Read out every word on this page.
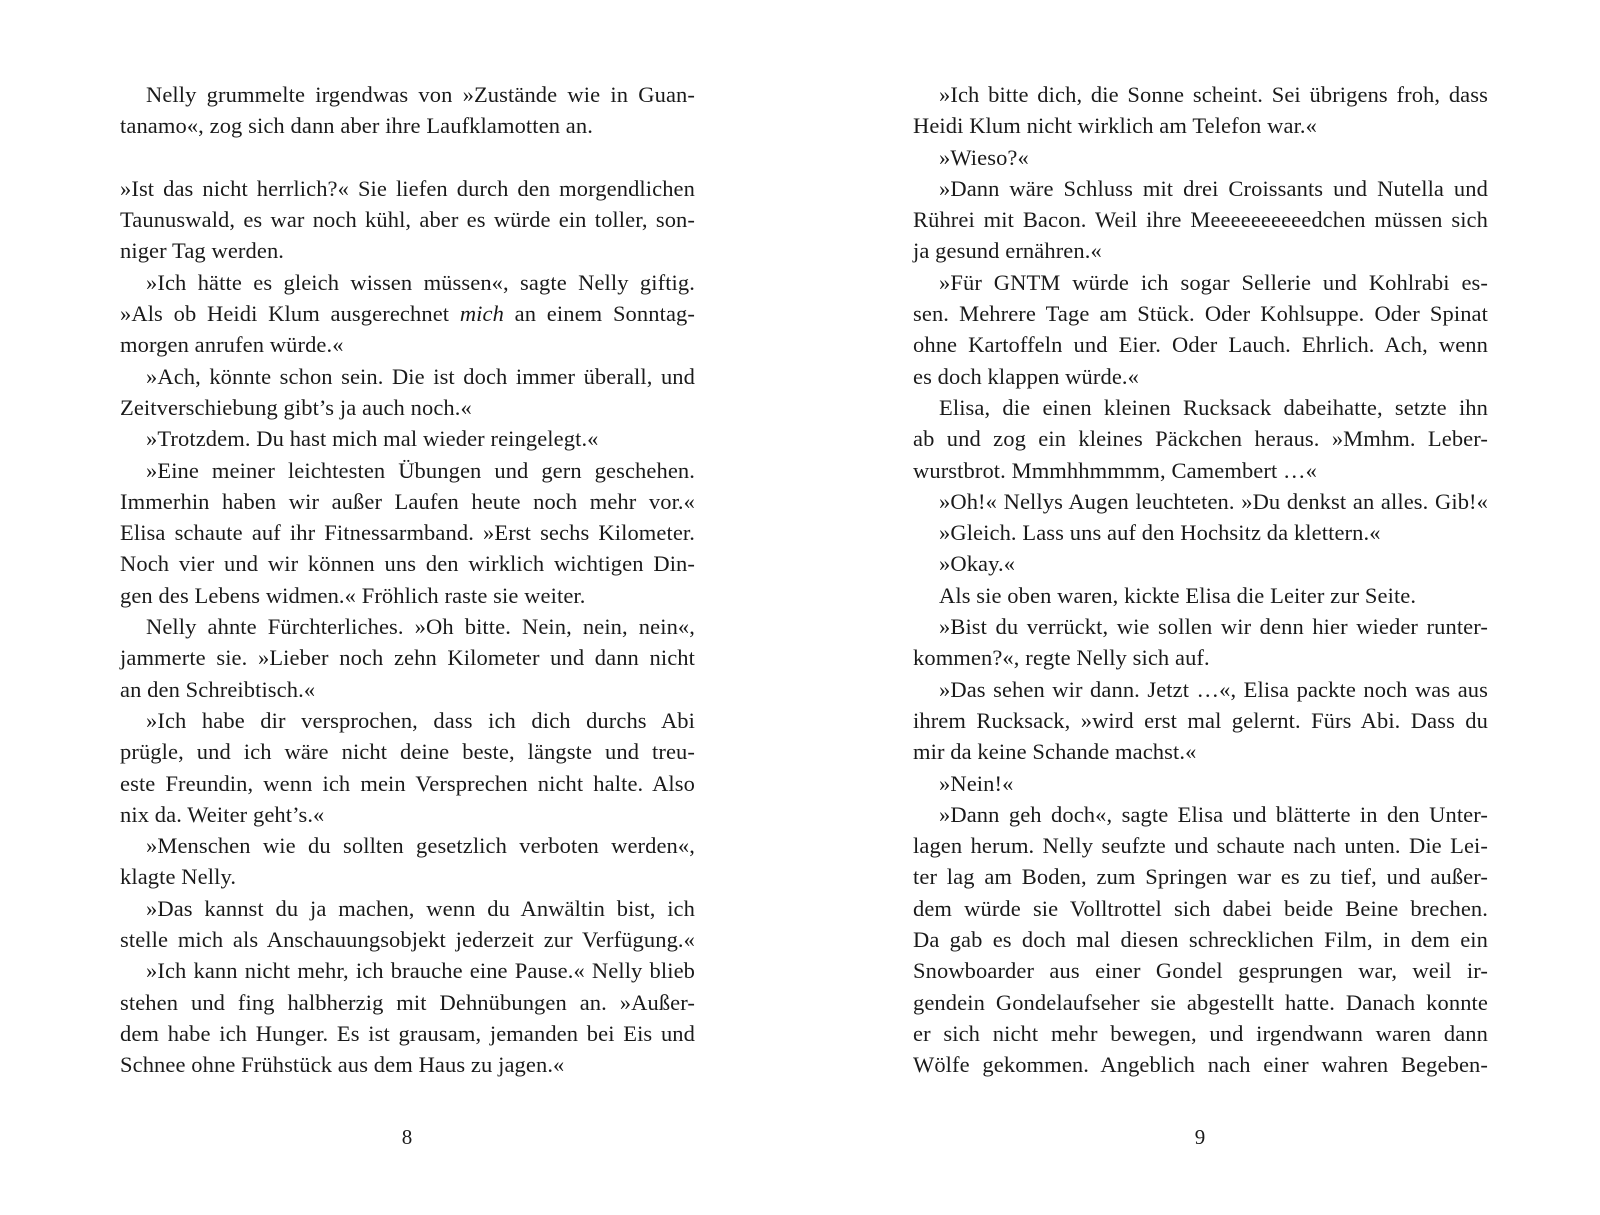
Nelly grummelte irgendwas von »Zustände wie in Guan-
tanamo«, zog sich dann aber ihre Laufklamotten an.
»Ist das nicht herrlich?« Sie liefen durch den morgendlichen
Taunuswald, es war noch kühl, aber es würde ein toller, son-
niger Tag werden.
»Ich hätte es gleich wissen müssen«, sagte Nelly giftig.
»Als ob Heidi Klum ausgerechnet mich an einem Sonntag-
morgen anrufen würde.«
»Ach, könnte schon sein. Die ist doch immer überall, und
Zeitverschiebung gibt’s ja auch noch.«
»Trotzdem. Du hast mich mal wieder reingelegt.«
»Eine meiner leichtesten Übungen und gern geschehen.
Immerhin haben wir außer Laufen heute noch mehr vor.«
Elisa schaute auf ihr Fitnessarmband. »Erst sechs Kilometer.
Noch vier und wir können uns den wirklich wichtigen Din-
gen des Lebens widmen.« Fröhlich raste sie weiter.
Nelly ahnte Fürchterliches. »Oh bitte. Nein, nein, nein«,
jammerte sie. »Lieber noch zehn Kilometer und dann nicht
an den Schreibtisch.«
»Ich habe dir versprochen, dass ich dich durchs Abi
prügle, und ich wäre nicht deine beste, längste und treu-
este Freundin, wenn ich mein Versprechen nicht halte. Also
nix da. Weiter geht’s.«
»Menschen wie du sollten gesetzlich verboten werden«,
klagte Nelly.
»Das kannst du ja machen, wenn du Anwältin bist, ich
stelle mich als Anschauungsobjekt jederzeit zur Verfügung.«
»Ich kann nicht mehr, ich brauche eine Pause.« Nelly blieb
stehen und fing halbherzig mit Dehnübungen an. »Außer-
dem habe ich Hunger. Es ist grausam, jemanden bei Eis und
Schnee ohne Frühstück aus dem Haus zu jagen.«
8
»Ich bitte dich, die Sonne scheint. Sei übrigens froh, dass
Heidi Klum nicht wirklich am Telefon war.«
»Wieso?«
»Dann wäre Schluss mit drei Croissants und Nutella und
Rührei mit Bacon. Weil ihre Meeeeeeeeeedchen müssen sich
ja gesund ernähren.«
»Für GNTM würde ich sogar Sellerie und Kohlrabi es-
sen. Mehrere Tage am Stück. Oder Kohlsuppe. Oder Spinat
ohne Kartoffeln und Eier. Oder Lauch. Ehrlich. Ach, wenn
es doch klappen würde.«
Elisa, die einen kleinen Rucksack dabeihatte, setzte ihn
ab und zog ein kleines Päckchen heraus. »Mmhm. Leber-
wurstbrot. Mmmhhmmmm, Camembert …«
»Oh!« Nellys Augen leuchteten. »Du denkst an alles. Gib!«
»Gleich. Lass uns auf den Hochsitz da klettern.«
»Okay.«
Als sie oben waren, kickte Elisa die Leiter zur Seite.
»Bist du verrückt, wie sollen wir denn hier wieder runter-
kommen?«, regte Nelly sich auf.
»Das sehen wir dann. Jetzt …«, Elisa packte noch was aus
ihrem Rucksack, »wird erst mal gelernt. Fürs Abi. Dass du
mir da keine Schande machst.«
»Nein!«
»Dann geh doch«, sagte Elisa und blätterte in den Unter-
lagen herum. Nelly seufzte und schaute nach unten. Die Lei-
ter lag am Boden, zum Springen war es zu tief, und außer-
dem würde sie Volltrottel sich dabei beide Beine brechen.
Da gab es doch mal diesen schrecklichen Film, in dem ein
Snowboarder aus einer Gondel gesprungen war, weil ir-
gendein Gondelaufseher sie abgestellt hatte. Danach konnte
er sich nicht mehr bewegen, und irgendwann waren dann
Wölfe gekommen. Angeblich nach einer wahren Begeben-
9
